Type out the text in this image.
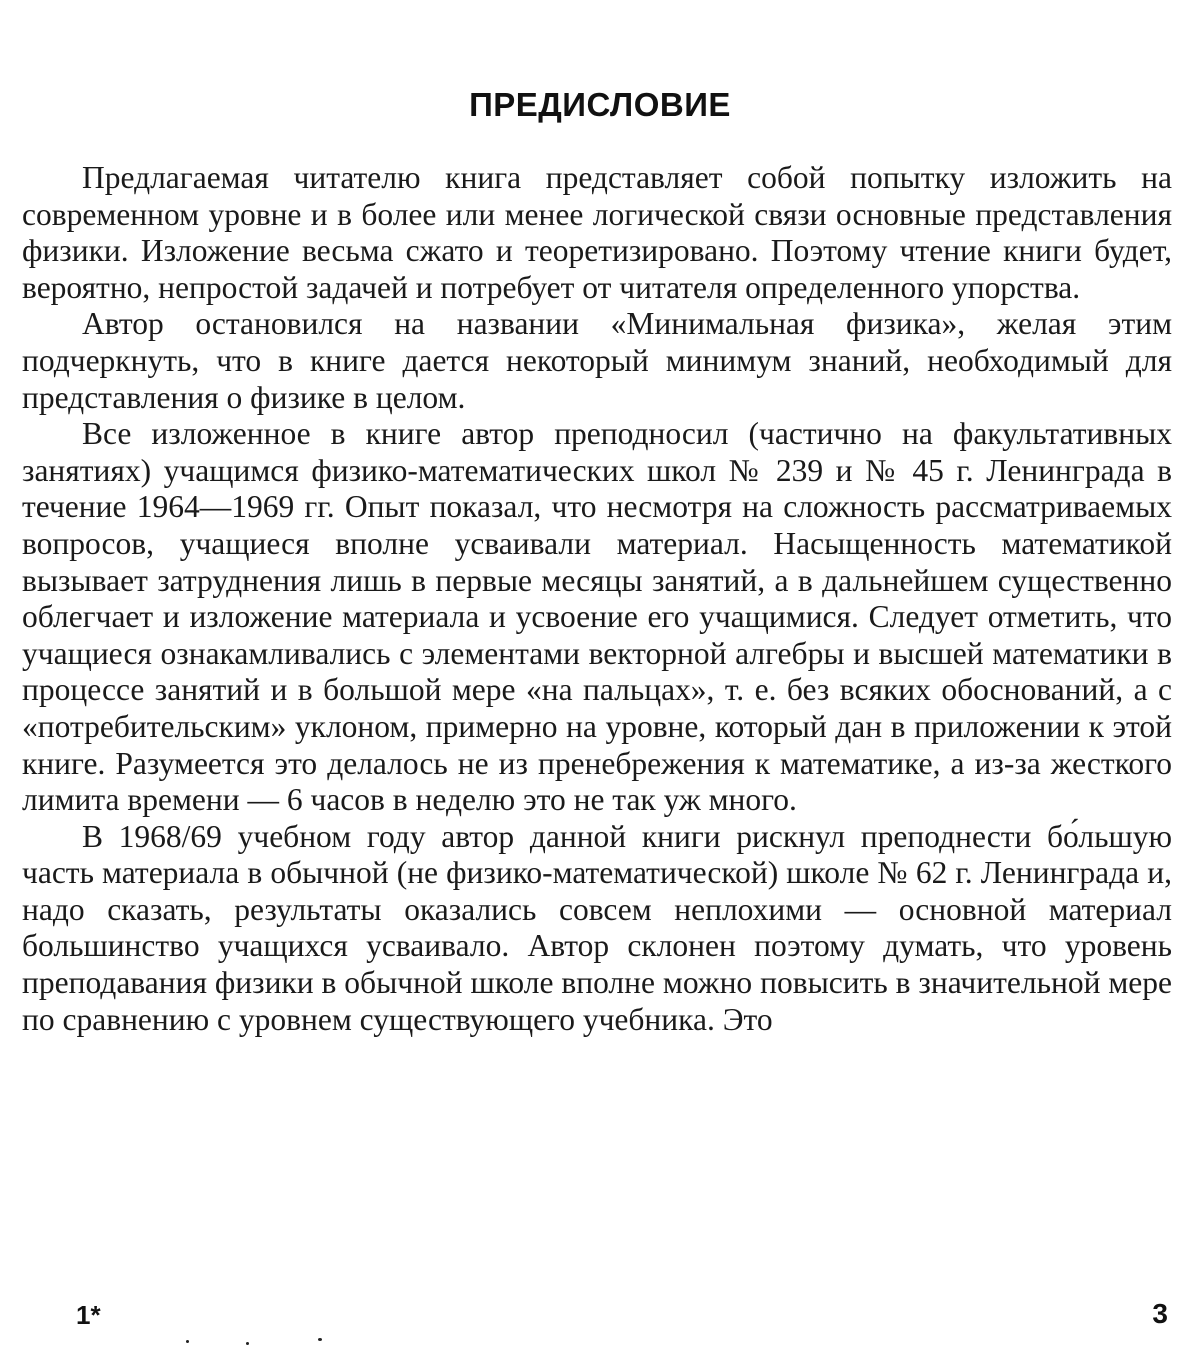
ПРЕДИСЛОВИЕ

Предлагаемая читателю книга представляет собой попытку изложить на современном уровне и в более или менее логической связи основные представления физики. Изложение весьма сжато и теоретизировано. Поэтому чтение книги будет, вероятно, непростой задачей и потребует от читателя определенного упорства.

Автор остановился на названии «Минимальная физика», желая этим подчеркнуть, что в книге дается некоторый минимум знаний, необходимый для представления о физике в целом.

Все изложенное в книге автор преподносил (частично на факультативных занятиях) учащимся физико-математических школ № 239 и № 45 г. Ленинграда в течение 1964—1969 гг. Опыт показал, что несмотря на сложность рассматриваемых вопросов, учащиеся вполне усваивали материал. Насыщенность математикой вызывает затруднения лишь в первые месяцы занятий, а в дальнейшем существенно облегчает и изложение материала и усвоение его учащимися. Следует отметить, что учащиеся ознакамливались с элементами векторной алгебры и высшей математики в процессе занятий и в большой мере «на пальцах», т. е. без всяких обоснований, а с «потребительским» уклоном, примерно на уровне, который дан в приложении к этой книге. Разумеется это делалось не из пренебрежения к математике, а из-за жесткого лимита времени — 6 часов в неделю это не так уж много.

В 1968/69 учебном году автор данной книги рискнул преподнести бо́льшую часть материала в обычной (не физико-математической) школе № 62 г. Ленинграда и, надо сказать, результаты оказались совсем неплохими — основной материал большинство учащихся усваивало. Автор склонен поэтому думать, что уровень преподавания физики в обычной школе вполне можно повысить в значительной мере по сравнению с уровнем существующего учебника. Это

1*	3
